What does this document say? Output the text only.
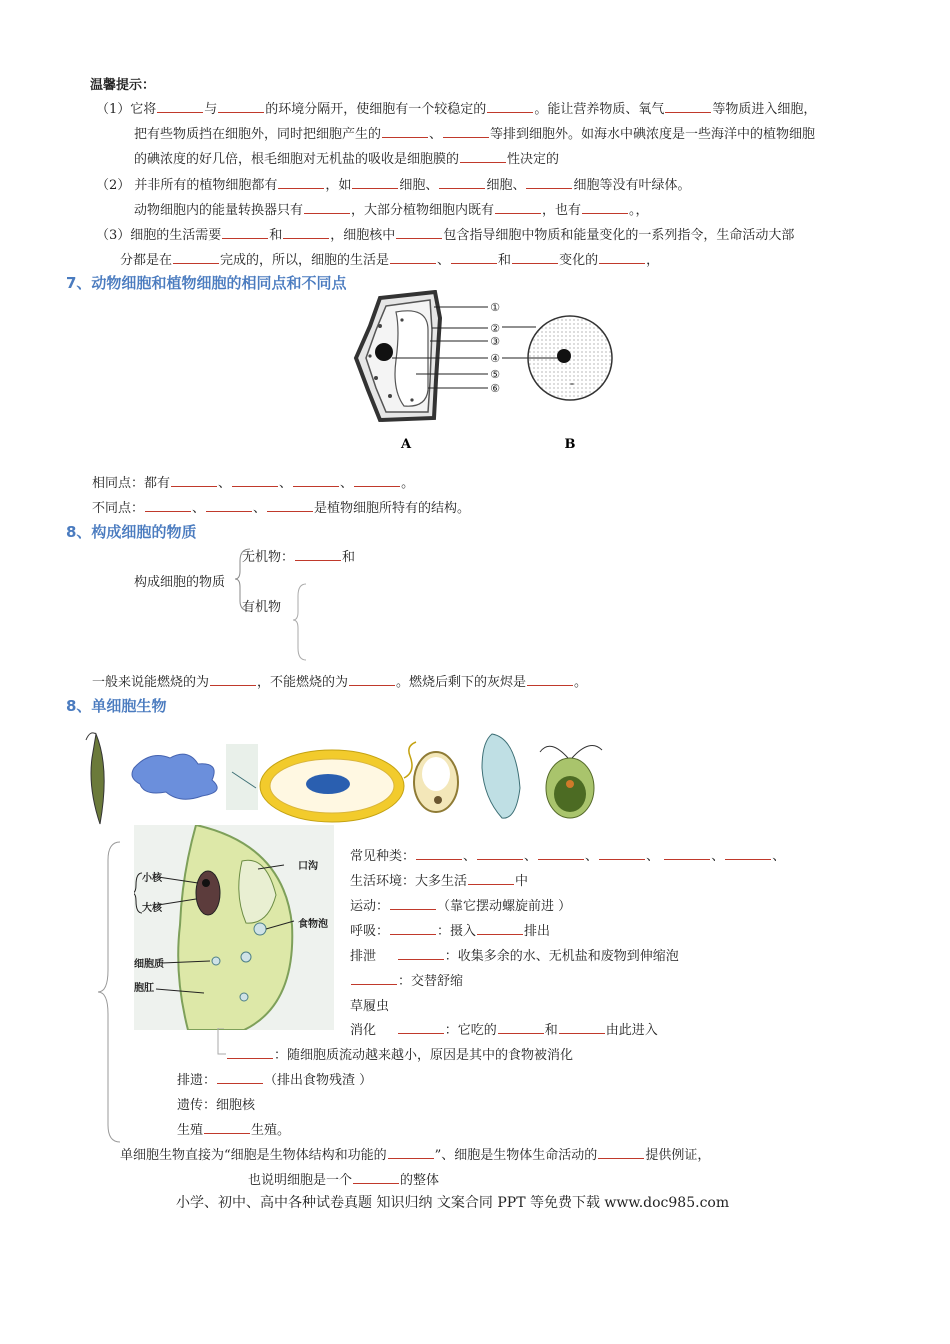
温馨提示：
（1）它将	与	的环境分隔开，使细胞有一个较稳定的	。能让营养物质、氧气	等物质进入细胞，
把有些物质挡在细胞外，同时把细胞产生的	、	等排到细胞外。如海水中碘浓度是一些海洋中的植物细胞
的碘浓度的好几倍，根毛细胞对无机盐的吸收是细胞膜的	性决定的
（2） 并非所有的植物细胞都有	，如	细胞、	细胞、	细胞等没有叶绿体。
动物细胞内的能量转换器只有	，大部分植物细胞内既有	，也有	。，
（3）细胞的生活需要	和	，细胞核中	包含指导细胞中物质和能量变化的一系列指令，生命活动大部
分都是在	完成的，所以，细胞的生活是	、	和	变化的	，
7、动物细胞和植物细胞的相同点和不同点
①
②
③
④
⑤
⑥
A	B
相同点：都有	、	、	、	。
不同点：	、	、	是植物细胞所特有的结构。
8、构成细胞的物质
构成细胞的物质
无机物：	和
有机物
一般来说能燃烧的为	，不能燃烧的为	。燃烧后剩下的灰烬是	。
8、单细胞生物
小核
大核
口沟
食物泡
细胞质
胞肛
常见种类：	、	、	、	、	、	、
生活环境：大多生活	中
运动：	（靠它摆动螺旋前进 ）
呼吸：	：摄入	排出
排泄	：收集多余的水、无机盐和废物到伸缩泡
：交替舒缩
草履虫
消化	：它吃的	和	由此进入
：随细胞质流动越来越小，原因是其中的食物被消化
排遗：	（排出食物残渣 ）
遗传：细胞核
生殖	生殖。
单细胞生物直接为“细胞是生物体结构和功能的	”、细胞是生物体生命活动的	提供例证，
也说明细胞是一个	的整体
小学、初中、高中各种试卷真题 知识归纳 文案合同 PPT 等免费下载 www.doc985.com
